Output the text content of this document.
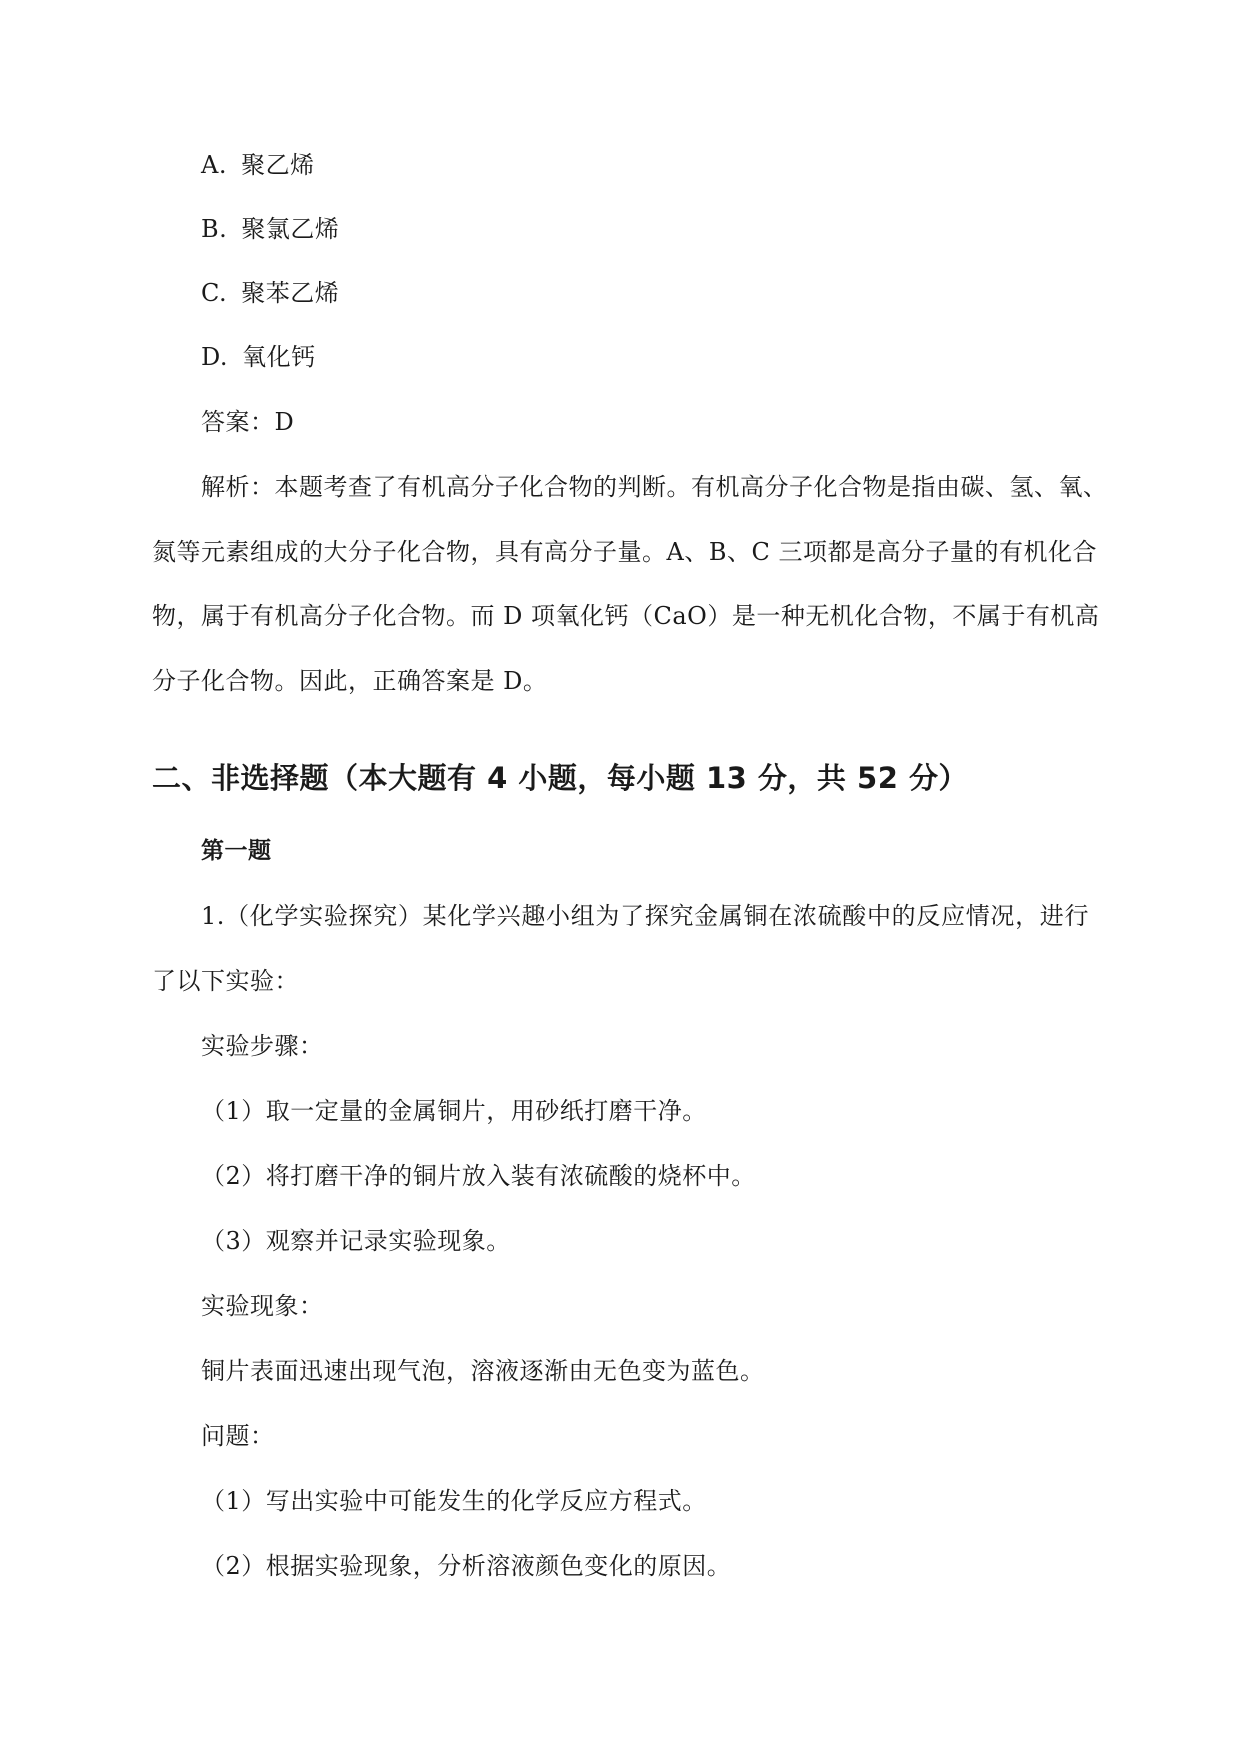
A. 聚乙烯
B. 聚氯乙烯
C. 聚苯乙烯
D. 氧化钙
答案：D
解析：本题考查了有机高分子化合物的判断。有机高分子化合物是指由碳、氢、氧、
氮等元素组成的大分子化合物，具有高分子量。A、B、C 三项都是高分子量的有机化合
物，属于有机高分子化合物。而 D 项氧化钙（CaO）是一种无机化合物，不属于有机高
分子化合物。因此，正确答案是 D。
二、非选择题（本大题有 4 小题，每小题 13 分，共 52 分）
第一题
1.（化学实验探究）某化学兴趣小组为了探究金属铜在浓硫酸中的反应情况，进行
了以下实验：
实验步骤：
（1）取一定量的金属铜片，用砂纸打磨干净。
（2）将打磨干净的铜片放入装有浓硫酸的烧杯中。
（3）观察并记录实验现象。
实验现象：
铜片表面迅速出现气泡，溶液逐渐由无色变为蓝色。
问题：
（1）写出实验中可能发生的化学反应方程式。
（2）根据实验现象，分析溶液颜色变化的原因。
